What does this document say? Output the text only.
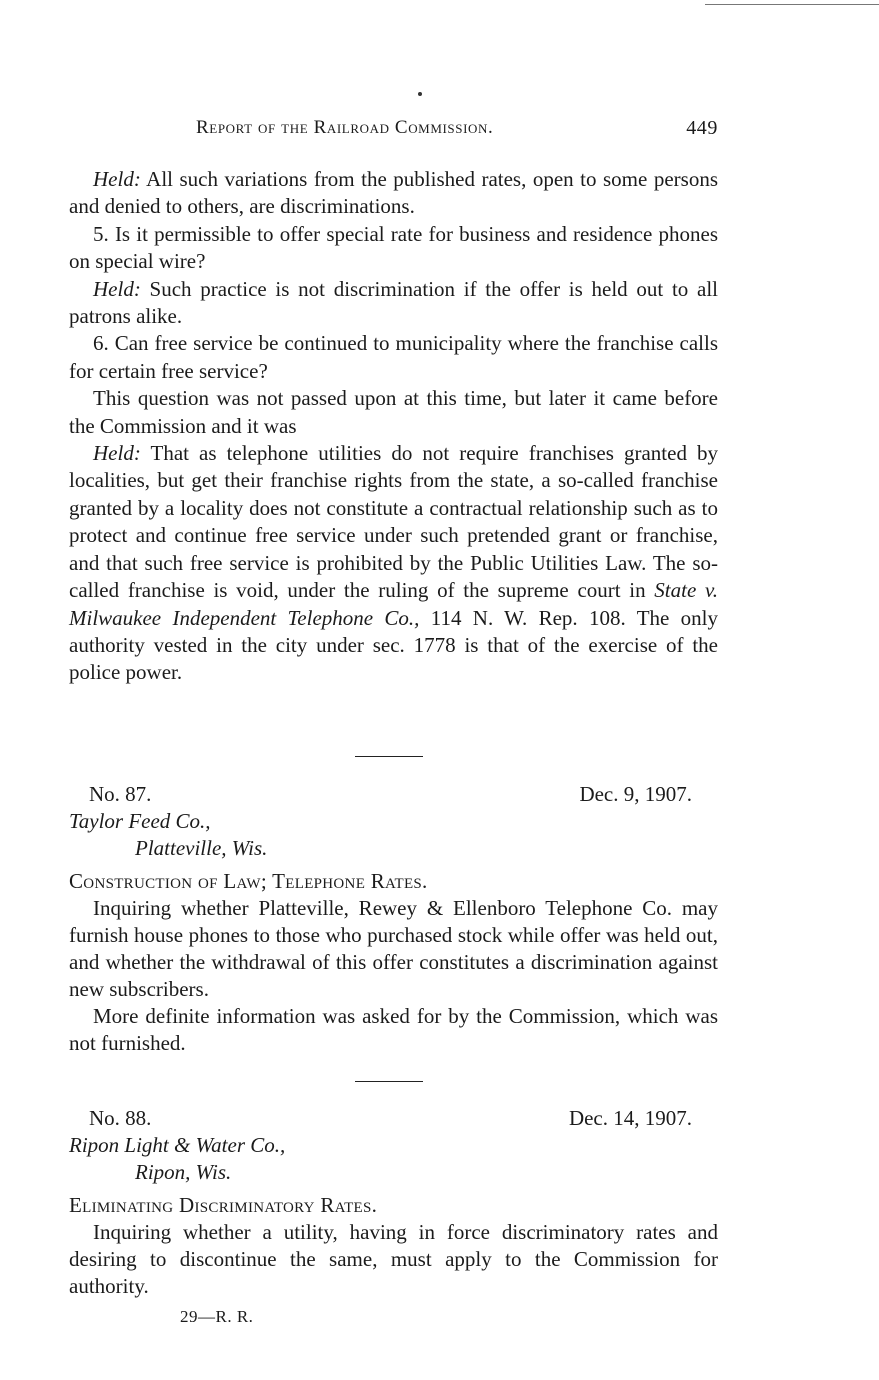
Report of the Railroad Commission.	449

Held: All such variations from the published rates, open to some persons and denied to others, are discriminations.

5. Is it permissible to offer special rate for business and residence phones on special wire?

Held: Such practice is not discrimination if the offer is held out to all patrons alike.

6. Can free service be continued to municipality where the franchise calls for certain free service?

This question was not passed upon at this time, but later it came before the Commission and it was

Held: That as telephone utilities do not require franchises granted by localities, but get their franchise rights from the state, a so-called franchise granted by a locality does not constitute a contractual relationship such as to protect and continue free service under such pretended grant or franchise, and that such free service is prohibited by the Public Utilities Law. The so-called franchise is void, under the ruling of the supreme court in State v. Milwaukee Independent Telephone Co., 114 N. W. Rep. 108. The only authority vested in the city under sec. 1778 is that of the exercise of the police power.

No. 87.	Dec. 9, 1907.
Taylor Feed Co.,
Platteville, Wis.

Construction of Law; Telephone Rates.

Inquiring whether Platteville, Rewey & Ellenboro Telephone Co. may furnish house phones to those who purchased stock while offer was held out, and whether the withdrawal of this offer constitutes a discrimination against new subscribers.

More definite information was asked for by the Commission, which was not furnished.

No. 88.	Dec. 14, 1907.
Ripon Light & Water Co.,
Ripon, Wis.

Eliminating Discriminatory Rates.

Inquiring whether a utility, having in force discriminatory rates and desiring to discontinue the same, must apply to the Commission for authority.

29—R. R.
